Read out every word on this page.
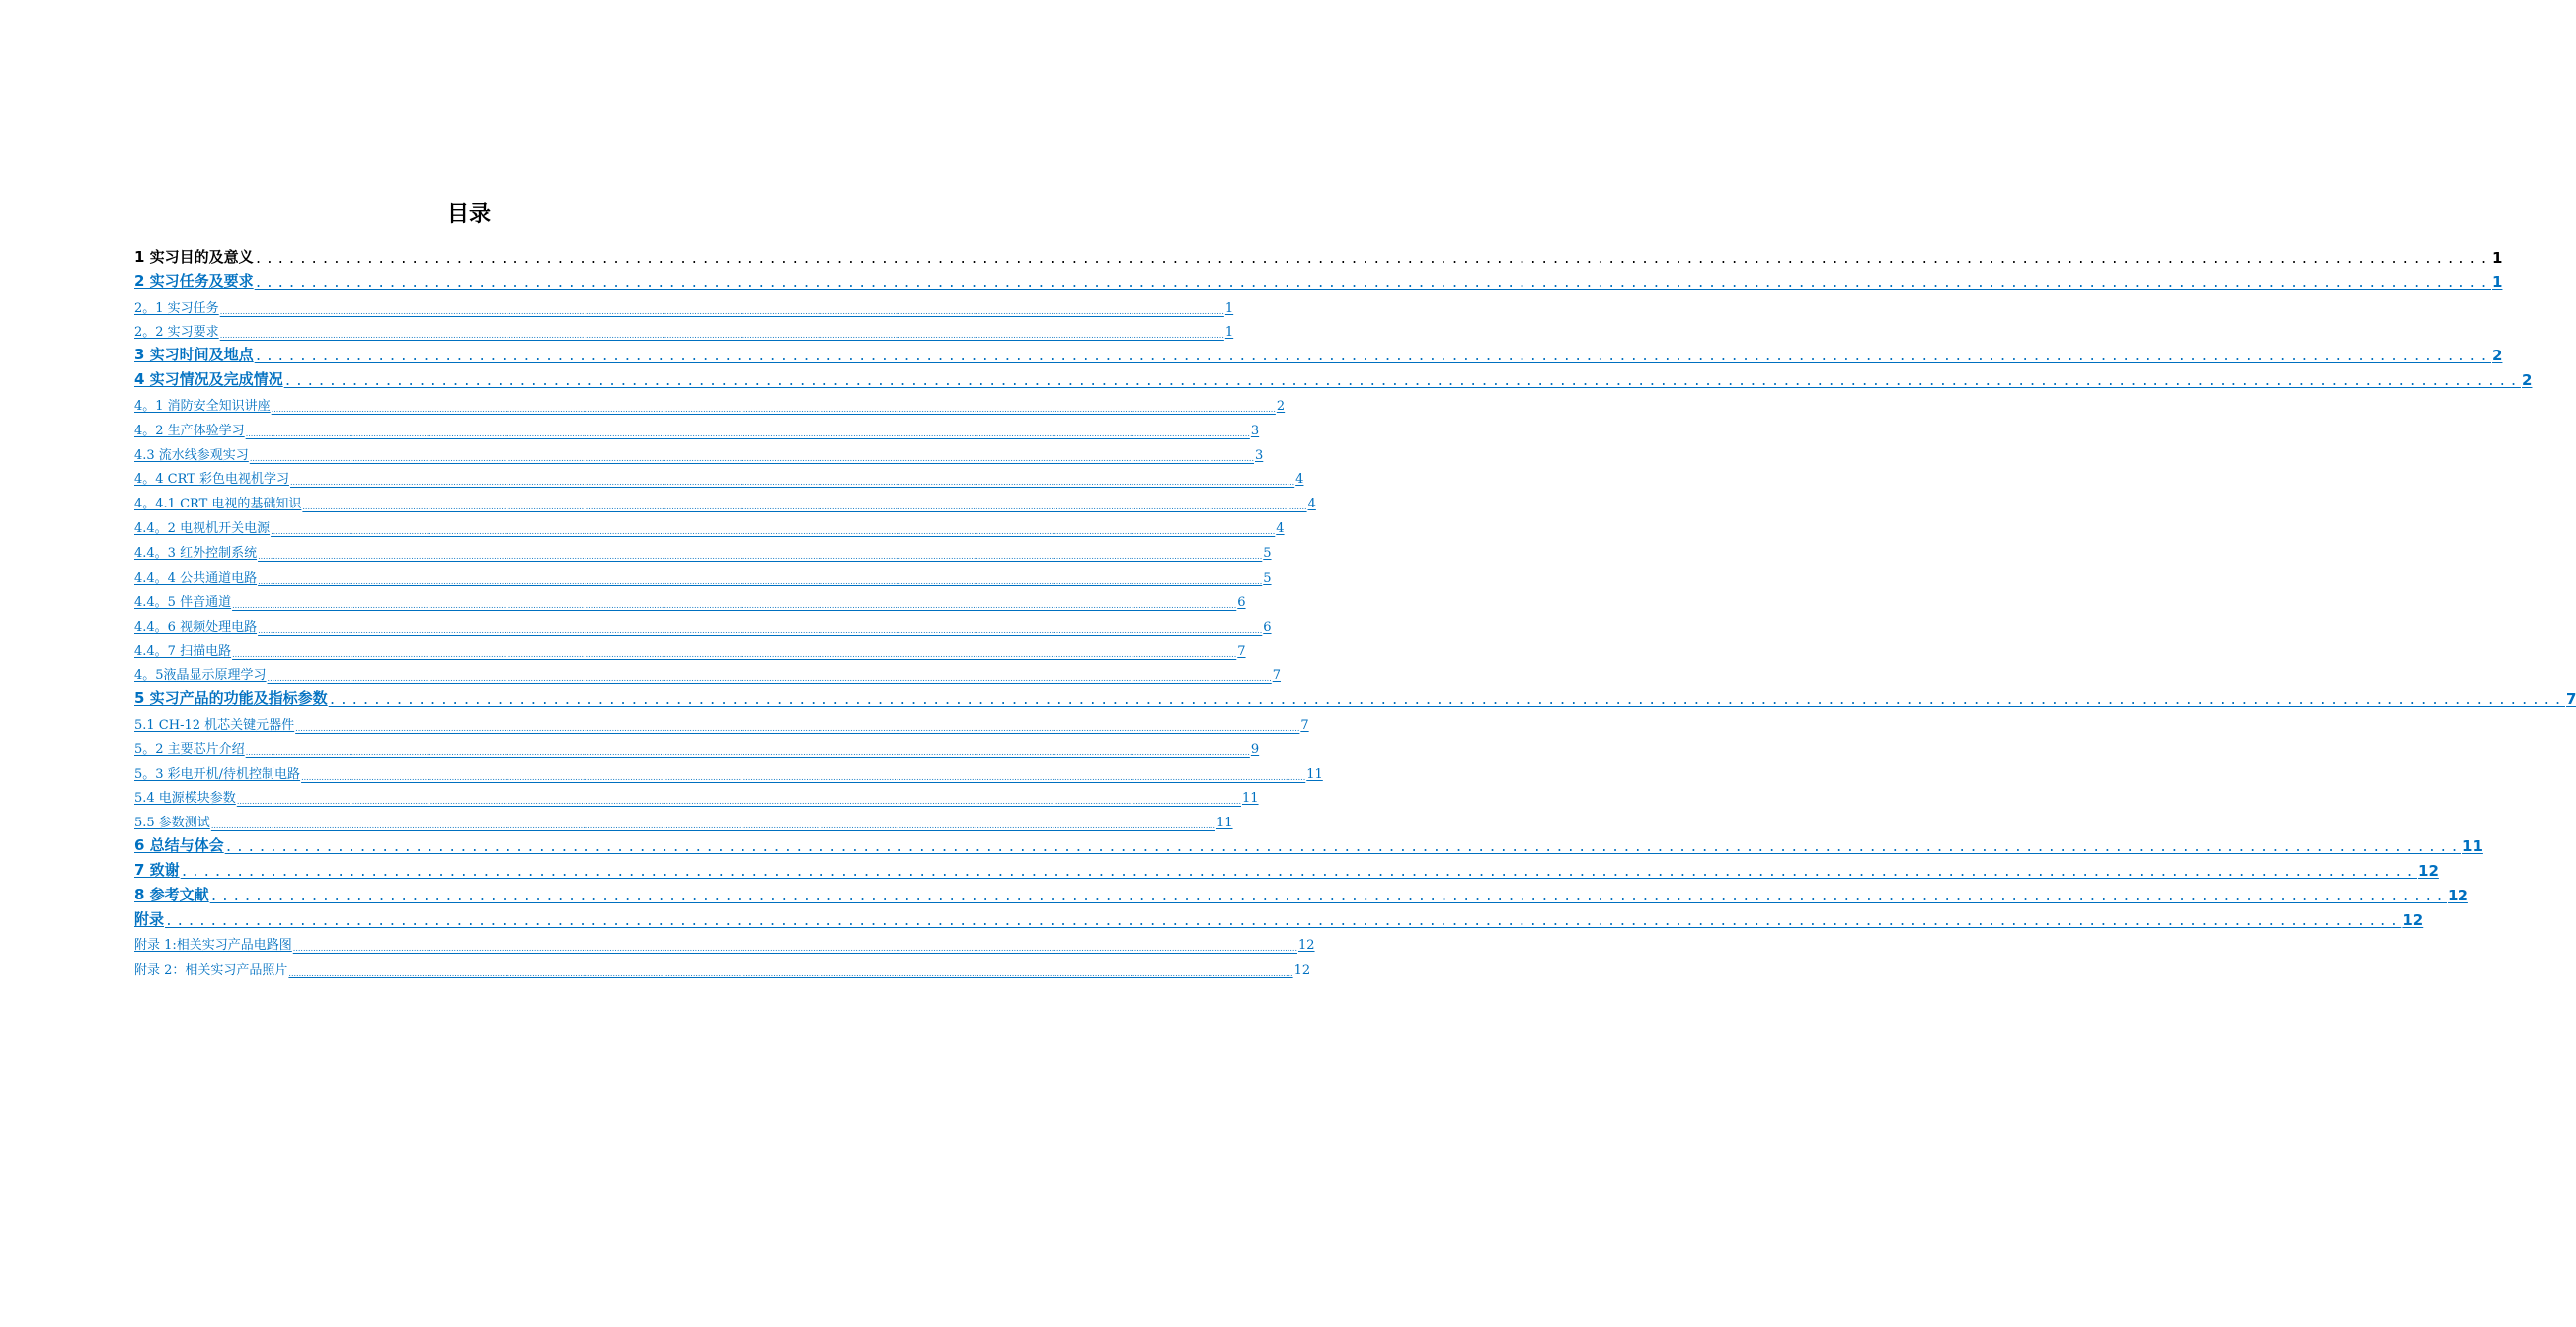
目录
1 实习目的及意义 ........................................................................................................................................................................................................ 1
2 实习任务及要求 ........................................................................................................................................................................................................ 1
2。1 实习任务 ................................................................................................................................................................................................................................................................................................................................................................................................................ 1
2。2 实习要求 ................................................................................................................................................................................................................................................................................................................................................................................................................ 1
3 实习时间及地点 ........................................................................................................................................................................................................ 2
4 实习情况及完成情况 ........................................................................................................................................................................................................ 2
4。1 消防安全知识讲座 ................................................................................................................................................................................................................................................................................................................................................................................................................ 2
4。2 生产体验学习 ................................................................................................................................................................................................................................................................................................................................................................................................................ 3
4.3 流水线参观实习 ................................................................................................................................................................................................................................................................................................................................................................................................................ 3
4。4 CRT 彩色电视机学习 ................................................................................................................................................................................................................................................................................................................................................................................................................ 4
4。4.1 CRT 电视的基础知识 ................................................................................................................................................................................................................................................................................................................................................................................................................ 4
4.4。2 电视机开关电源 ................................................................................................................................................................................................................................................................................................................................................................................................................ 4
4.4。3 红外控制系统 ................................................................................................................................................................................................................................................................................................................................................................................................................ 5
4.4。4 公共通道电路 ................................................................................................................................................................................................................................................................................................................................................................................................................ 5
4.4。5 伴音通道 ................................................................................................................................................................................................................................................................................................................................................................................................................ 6
4.4。6 视频处理电路 ................................................................................................................................................................................................................................................................................................................................................................................................................ 6
4.4。7 扫描电路 ................................................................................................................................................................................................................................................................................................................................................................................................................ 7
4。5液晶显示原理学习 ................................................................................................................................................................................................................................................................................................................................................................................................................ 7
5 实习产品的功能及指标参数 ........................................................................................................................................................................................................ 7
5.1 CH-12 机芯关键元器件 ................................................................................................................................................................................................................................................................................................................................................................................................................ 7
5。2 主要芯片介绍 ................................................................................................................................................................................................................................................................................................................................................................................................................ 9
5。3 彩电开机/待机控制电路 ................................................................................................................................................................................................................................................................................................................................................................................................................ 11
5.4 电源模块参数 ................................................................................................................................................................................................................................................................................................................................................................................................................ 11
5.5 参数测试 ................................................................................................................................................................................................................................................................................................................................................................................................................ 11
6 总结与体会 ........................................................................................................................................................................................................ 11
7 致谢 ........................................................................................................................................................................................................ 12
8 参考文献 ........................................................................................................................................................................................................ 12
附录 ........................................................................................................................................................................................................ 12
附录 1:相关实习产品电路图 ................................................................................................................................................................................................................................................................................................................................................................................................................ 12
附录 2：相关实习产品照片 ................................................................................................................................................................................................................................................................................................................................................................................................................ 12
